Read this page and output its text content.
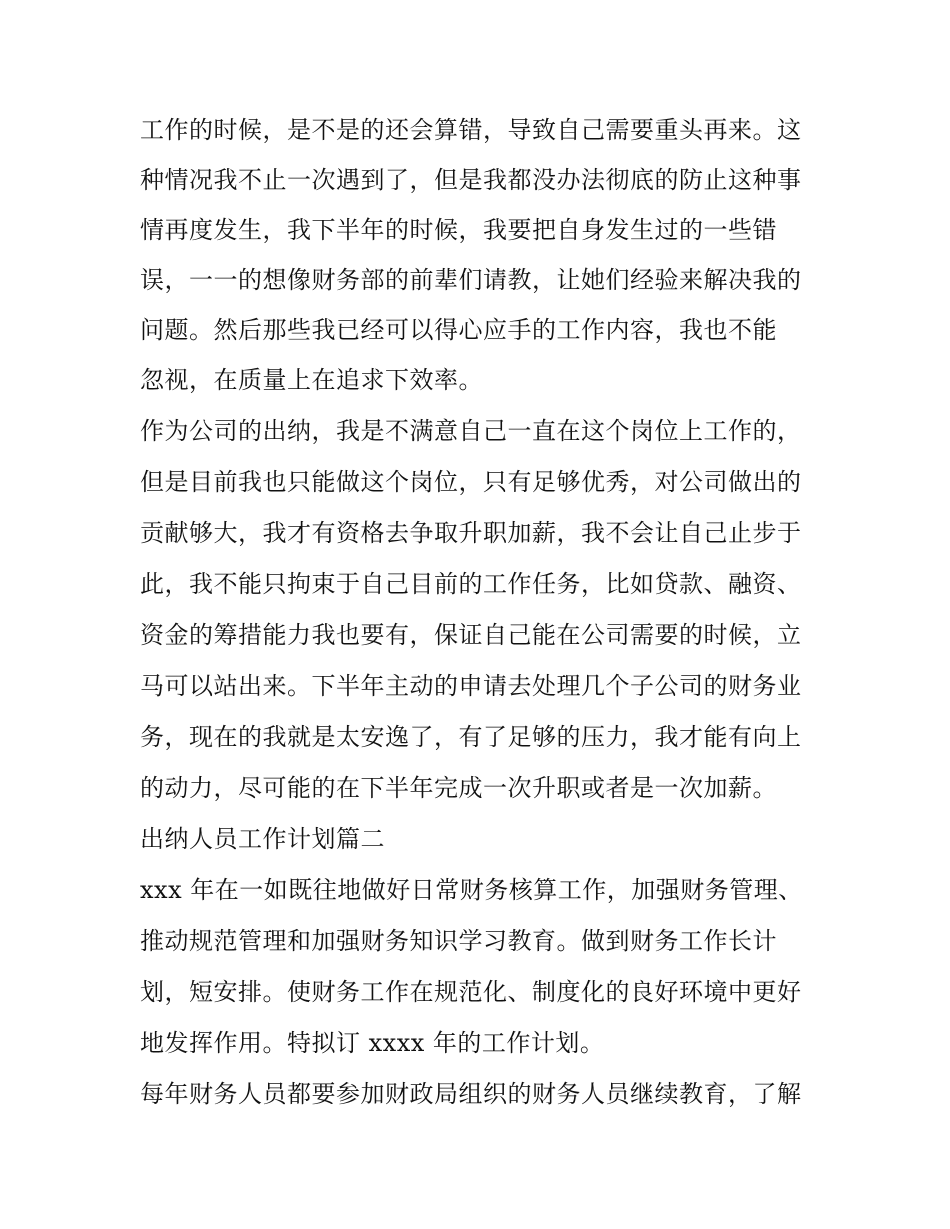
工作的时候，是不是的还会算错，导致自己需要重头再来。这
种情况我不止一次遇到了，但是我都没办法彻底的防止这种事
情再度发生，我下半年的时候，我要把自身发生过的一些错
误，一一的想像财务部的前辈们请教，让她们经验来解决我的
问题。然后那些我已经可以得心应手的工作内容，我也不能
忽视，在质量上在追求下效率。
作为公司的出纳，我是不满意自己一直在这个岗位上工作的，
但是目前我也只能做这个岗位，只有足够优秀，对公司做出的
贡献够大，我才有资格去争取升职加薪，我不会让自己止步于
此，我不能只拘束于自己目前的工作任务，比如贷款、融资、
资金的筹措能力我也要有，保证自己能在公司需要的时候，立
马可以站出来。下半年主动的申请去处理几个子公司的财务业
务，现在的我就是太安逸了，有了足够的压力，我才能有向上
的动力，尽可能的在下半年完成一次升职或者是一次加薪。
出纳人员工作计划篇二
xxx 年在一如既往地做好日常财务核算工作，加强财务管理、
推动规范管理和加强财务知识学习教育。做到财务工作长计
划，短安排。使财务工作在规范化、制度化的良好环境中更好
地发挥作用。特拟订 xxxx 年的工作计划。
每年财务人员都要参加财政局组织的财务人员继续教育，了解
